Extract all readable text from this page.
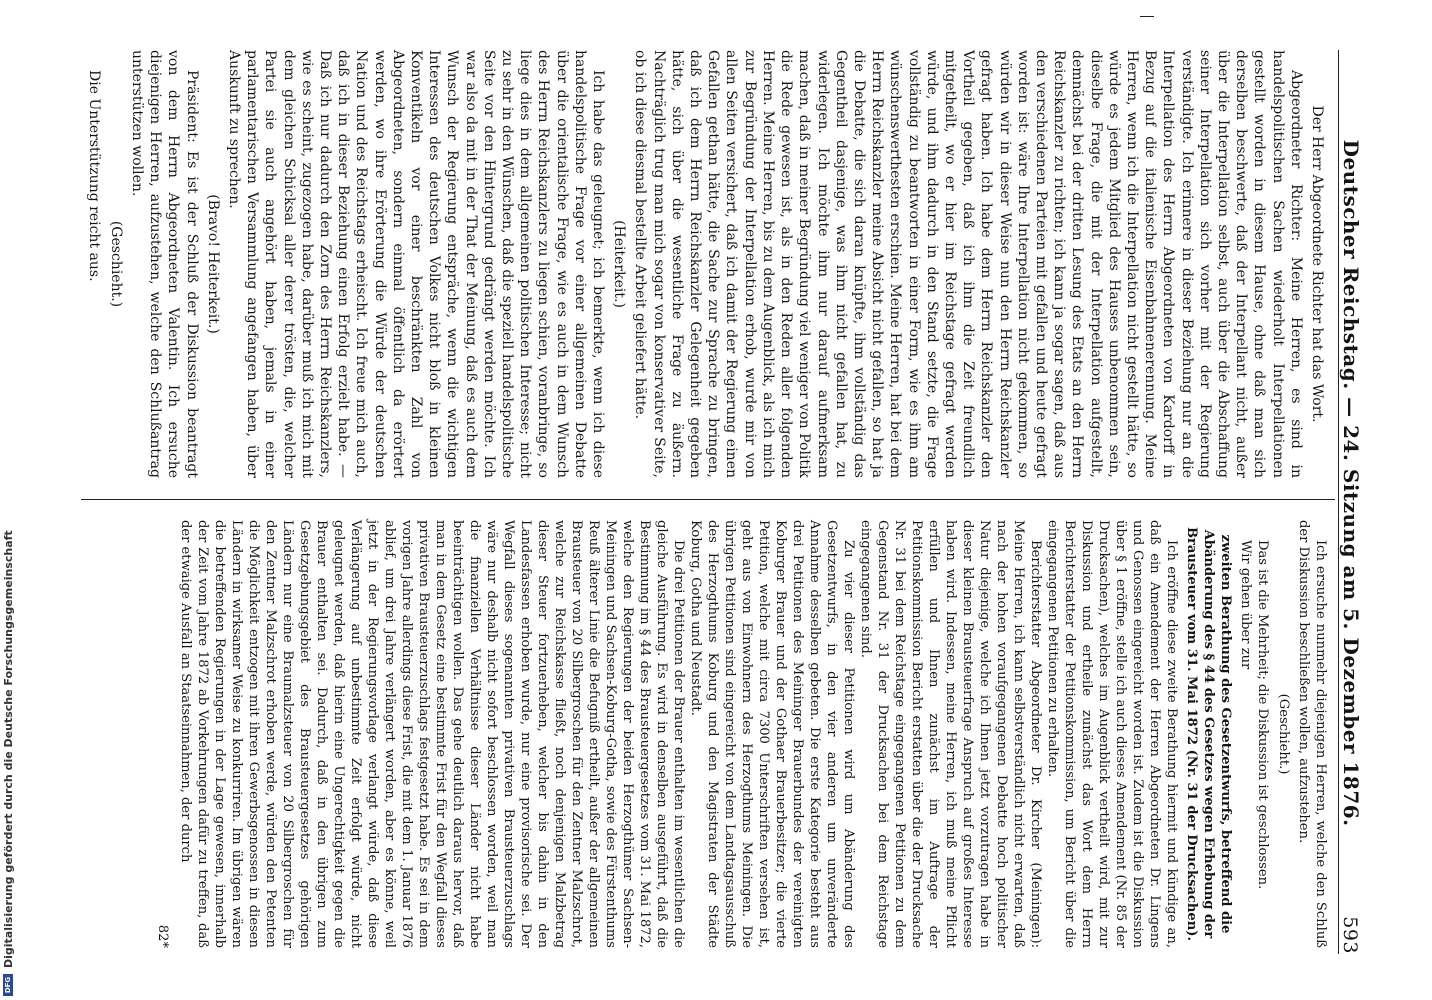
Deutscher Reichstag. — 24. Sitzung am 5. Dezember 1876.
593

Der Herr Abgeordnete Richter hat das Wort.

Abgeordneter Richter: Meine Herren, es sind in handelspolitischen Sachen wiederholt Interpellationen gestellt worden in diesem Hause, ohne daß man sich derselben beschwerte, daß der Interpellant nicht, außer über die Interpellation selbst, auch über die Abschaffung seiner Interpellation sich vorher mit der Regierung verständigte. Ich erinnere in dieser Beziehung nur an die Interpellation des Herrn Abgeordneten von Kardorff in Bezug auf die italienische Eisenbahnenerennung. Meine Herren, wenn ich die Interpellation nicht gestellt hätte, so würde es jedem Mitglied des Hauses unbenommen sein, dieselbe Frage, die mit der Interpellation aufgestellt, demnächst bei der dritten Lesung des Etats an den Herrn Reichskanzler zu richten; ich kann ja sogar sagen, daß aus den verschiedenen Parteien mit gefallen und heute gefragt worden ist: wäre Ihre Interpellation nicht gekommen, so würden wir in dieser Weise nun den Herrn Reichskanzler gefragt haben. Ich habe dem Herrn Reichskanzler den Vortheil gegeben, daß ich ihm die Zeit freundlich mitgetheilt, wo er hier im Reichstage gefragt werden würde, und ihm dadurch in den Stand setzte, die Frage vollständig zu beantworten in einer Form, wie es ihm am wünschenswerthesten erschien. Meine Herren, hat bei dem Herrn Reichskanzler meine Absicht nicht gefallen, so hat ja die Debatte, die sich daran knüpfte, ihm vollständig das Gegentheil dasjenige, was ihm nicht gefallen hat, zu widerlegen. Ich möchte ihm nur darauf aufmerksam machen, daß in meiner Begründung viel weniger von Politik die Rede gewesen ist, als in den Reden aller folgenden Herren. Meine Herren, bis zu dem Augenblick, als ich mich zur Begründung der Interpellation erhob, wurde mir von allen Seiten versichert, daß ich damit der Regierung einen Gefallen gethan hätte, die Sache zur Sprache zu bringen, daß ich dem Herrn Reichskanzler Gelegenheit gegeben hätte, sich über die wesentliche Frage zu äußern. Nachträglich trug man mich sogar von konservativer Seite, ob ich diese diesmal bestellte Arbeit geliefert hätte.

(Heiterkeit.)

Ich habe das geleugnet; ich bemerkte, wenn ich diese handelspolitische Frage vor einer allgemeinen Debatte über die orientalische Frage, wie es auch in dem Wunsch des Herrn Reichskanzlers zu liegen schien, voranbringe, so liege dies in dem allgemeinen politischen Interesse; nicht zu sehr in den Wünschen, daß die speziell handelspolitische Seite vor den Hintergrund gedrängt werden möchte. Ich war also da mit in der That der Meinung, daß es auch dem Wunsch der Regierung entspräche, wenn die wichtigen Interessen des deutschen Volkes nicht bloß in kleinen Konventikeln vor einer beschränkten Zahl von Abgeordneten, sondern einmal öffentlich da erörtert werden, wo ihre Erörterung die Würde der deutschen Nation und des Reichstags erheischt. Ich freue mich auch, daß ich in dieser Beziehung einen Erfolg erzielt habe. — Daß ich nur dadurch den Zorn des Herrn Reichskanzlers, wie es scheint, zugezogen habe, darüber muß ich mich mit dem gleichen Schicksal aller derer trösten, die, welcher Partei sie auch angehört haben, jemals in einer parlamentarischen Versammlung angefangen haben, über Auskunft zu sprechen.

(Bravo! Heiterkeit.)

Präsident: Es ist der Schluß der Diskussion beantragt von dem Herrn Abgeordneten Valentin. Ich ersuche diejenigen Herren, aufzustehen, welche den Schlußantrag unterstützen wollen.

(Geschieht.)

Die Unterstützung reicht aus.

Ich ersuche nunmehr diejenigen Herren, welche den Schluß der Diskussion beschließen wollen, aufzustehen.

(Geschieht.)

Das ist die Mehrheit; die Diskussion ist geschlossen.

Wir gehen über zur

zweiten Berathung des Gesetzentwurfs, betreffend die Abänderung des § 44 des Gesetzes wegen Erhebung der Brausteuer vom 31. Mai 1872 (Nr. 31 der Drucksachen).

Ich eröffne diese zweite Berathung hiermit und kündige an, daß ein Amendement der Herren Abgeordneten Dr. Lingens und Genossen eingereicht worden ist. Zudem ist die Diskussion über § 1 eröffne, stelle ich auch dieses Amendement (Nr. 85 der Drucksachen), welches im Augenblick vertheilt wird, mit zur Diskussion und ertheile zunächst das Wort dem Herrn Berichterstatter der Petitionskommission, um Bericht über die eingegangenen Petitionen zu erhalten.

Berichterstatter Abgeordneter Dr. Kircher (Meiningen): Meine Herren, ich kann selbstverständlich nicht erwarten, daß nach der hohen voraufgegangenen Debatte hoch politischer Natur diejenige, welche ich Ihnen jetzt vorzutragen habe in dieser kleinen Brausteuerfrage Anspruch auf großes Interesse haben wird. Indessen, meine Herren, ich muß meine Pflicht erfüllen und Ihnen zunächst im Auftrage der Petitionskommission Bericht erstatten über die der Drucksache Nr. 31 bei dem Reichstage eingegangenen Petitionen zu dem Gegenstand Nr. 31 der Drucksachen bei dem Reichstage eingegangenen sind.

Zu vier dieser Petitionen wird um Abänderung des Gesetzentwurfs, in den vier anderen um unveränderte Annahme desselben gebeten. Die erste Kategorie besteht aus drei Petitionen des Meininger Brauerbundes der vereinigten Koburger Brauer und der Gothaer Brauerbesitzer; die vierte Petition, welche mit circa 7300 Unterschriften versehen ist, geht aus von Einwohnern des Herzogthums Meiningen. Die übrigen Petitionen sind eingereicht von dem Landtagsausschuß des Herzogthums Koburg und den Magistraten der Städte Koburg, Gotha und Neustadt.

Die drei Petitionen der Brauer enthalten im wesentlichen die gleiche Ausführung. Es wird in denselben ausgeführt, daß die Bestimmung im § 44 des Brausteuergesetzes vom 31. Mai 1872, welche den Regierungen der beiden Herzogthümer Sachsen-Meiningen und Sachsen-Koburg-Gotha, sowie des Fürstenthums Reuß älterer Linie die Befugniß ertheilt, außer der allgemeinen Brausteuer von 20 Silbergroschen für den Zentner Malzschrot, welche zur Reichskasse fließt, noch denjenigen Malzbetrag dieser Steuer fortzuerheben, welcher bis dahin in den Landesfassen erhoben wurde, nur eine provisorische sei. Der Wegfall dieses sogenannten privativen Brausteuerzuschlags wäre nur deshalb nicht sofort beschlossen worden, weil man die finanziellen Verhältnisse dieser Länder nicht habe beeinträchtigen wollen. Das gehe deutlich daraus hervor, daß man in dem Gesetz eine bestimmte Frist für den Wegfall dieses privativen Brausteuerzuschlags festgesetzt habe. Es sei in dem vorigen Jahre allerdings diese Frist, die mit dem 1. Januar 1876 ablief, um drei Jahre verlängert worden, aber es könne, weil jetzt in der Regierungsvorlage verlangt würde, daß diese Verlängerung auf unbestimmte Zeit erfolgt würde, nicht geleugnet werden, daß hierin eine Ungerechtigkeit gegen die Brauer enthalten sei. Dadurch, daß in den übrigen zum Gesetzgebungsgebiet des Brausteuergesetzes gehörigen Ländern nur eine Braumalzsteuer von 20 Silbergroschen für den Zentner Malzschrot erhoben werde, würden den Petenten die Möglichkeit entzogen mit ihren Gewerbsgenossen in diesen Ländern in wirksamer Weise zu konkurriren. Im übrigen wären die betreffenden Regierungen in der Lage gewesen, innerhalb der Zeit vom Jahre 1872 ab Vorkehrungen dafür zu treffen, daß der etwaige Ausfall an Staatseinnahmen, der durch

82*

DFG
Digitalisierung gefördert durch die Deutsche Forschungsgemeinschaft
